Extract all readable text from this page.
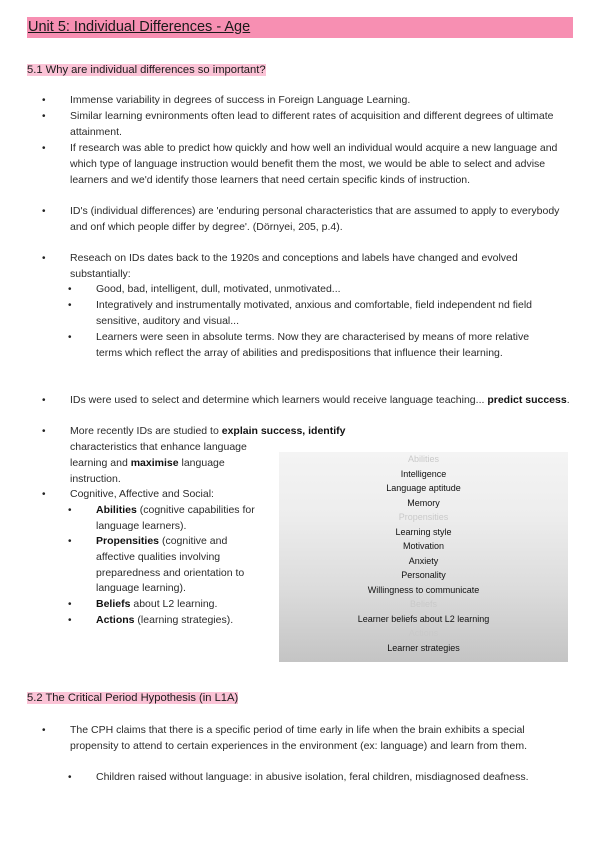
Unit 5: Individual Differences - Age
5.1 Why are individual differences so important?
• Immense variability in degrees of success in Foreign Language Learning.
• Similar learning evnironments often lead to different rates of acquisition and different degrees of ultimate attainment.
• If research was able to predict how quickly and how well an individual would acquire a new language and which type of language instruction would benefit them the most, we would be able to select and advise learners and we'd identify those learners that need certain specific kinds of instruction.
• ID's (individual differences) are 'enduring personal characteristics that are assumed to apply to everybody and onf which people differ by degree'. (Dörnyei, 205, p.4).
• Reseach on IDs dates back to the 1920s and conceptions and labels have changed and evolved substantially:
• Good, bad, intelligent, dull, motivated, unmotivated...
• Integratively and instrumentally motivated, anxious and comfortable, field independent nd field sensitive, auditory and visual...
• Learners were seen in absolute terms. Now they are characterised by means of more relative terms which reflect the array of abilities and predispositions that influence their learning.
• IDs were used to select and determine which learners would receive language teaching... predict success.
• More recently IDs are studied to explain success, identify
characteristics that enhance language learning and maximise language instruction.
• Cognitive, Affective and Social:
• Abilities (cognitive capabilities for language learners).
• Propensities (cognitive and affective qualities involving preparedness and orientation to language learning).
• Beliefs about L2 learning.
• Actions (learning strategies).
Abilities
Intelligence
Language aptitude
Memory
Propensities
Learning style
Motivation
Anxiety
Personality
Willingness to communicate
Beliefs
Learner beliefs about L2 learning
Actions
Learner strategies
5.2 The Critical Period Hypothesis (in L1A)
• The CPH claims that there is a specific period of time early in life when the brain exhibits a special propensity to attend to certain experiences in the environment (ex: language) and learn from them.
• Children raised without language: in abusive isolation, feral children, misdiagnosed deafness.
